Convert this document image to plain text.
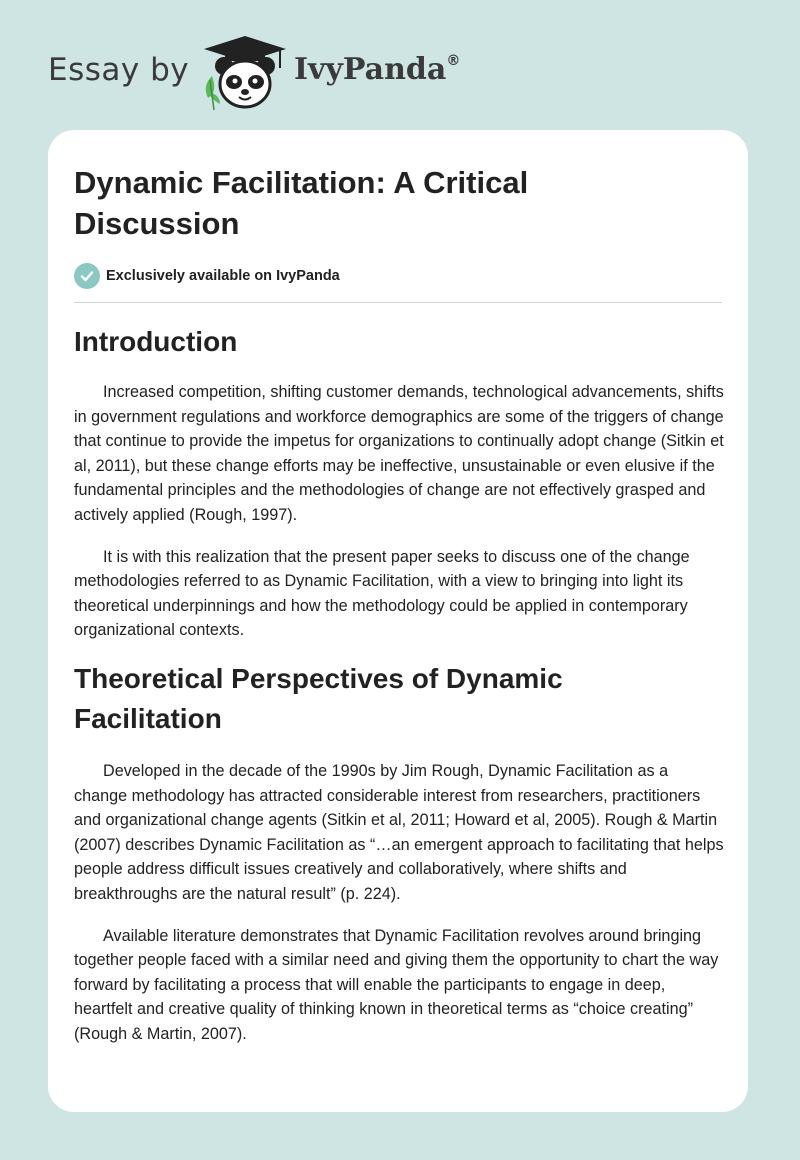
Essay by	IvyPanda®
Dynamic Facilitation: A Critical Discussion
Exclusively available on IvyPanda
Introduction

Increased competition, shifting customer demands, technological advancements, shifts in government regulations and workforce demographics are some of the triggers of change that continue to provide the impetus for organizations to continually adopt change (Sitkin et al, 2011), but these change efforts may be ineffective, unsustainable or even elusive if the fundamental principles and the methodologies of change are not effectively grasped and actively applied (Rough, 1997).

It is with this realization that the present paper seeks to discuss one of the change methodologies referred to as Dynamic Facilitation, with a view to bringing into light its theoretical underpinnings and how the methodology could be applied in contemporary organizational contexts.

Theoretical Perspectives of Dynamic Facilitation

Developed in the decade of the 1990s by Jim Rough, Dynamic Facilitation as a change methodology has attracted considerable interest from researchers, practitioners and organizational change agents (Sitkin et al, 2011; Howard et al, 2005). Rough & Martin (2007) describes Dynamic Facilitation as “…an emergent approach to facilitating that helps people address difficult issues creatively and collaboratively, where shifts and breakthroughs are the natural result” (p. 224).

Available literature demonstrates that Dynamic Facilitation revolves around bringing together people faced with a similar need and giving them the opportunity to chart the way forward by facilitating a process that will enable the participants to engage in deep, heartfelt and creative quality of thinking known in theoretical terms as “choice creating” (Rough & Martin, 2007).
